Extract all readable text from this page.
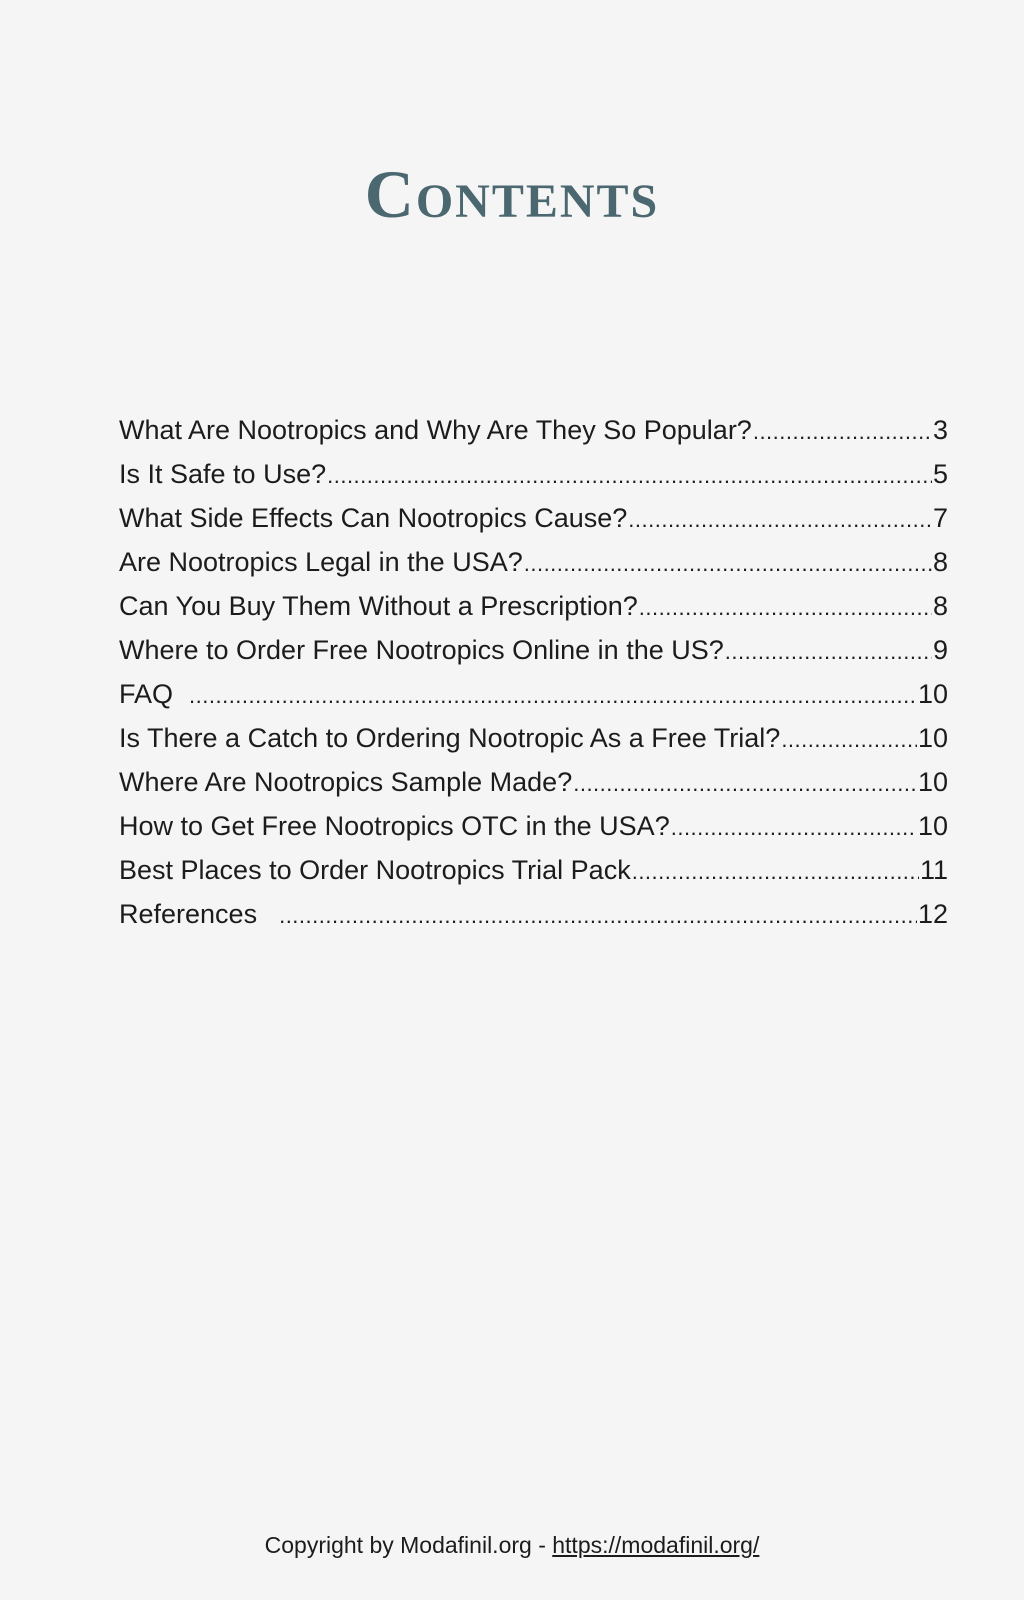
Contents
What Are Nootropics and Why Are They So Popular? .....	3
Is It Safe to Use? .....	5
What Side Effects Can Nootropics Cause? .....	7
Are Nootropics Legal in the USA? .....	8
Can You Buy Them Without a Prescription? .....	8
Where to Order Free Nootropics Online in the US? .....	9
FAQ .....	10
Is There a Catch to Ordering Nootropic As a Free Trial? .....	10
Where Are Nootropics Sample Made? .....	10
How to Get Free Nootropics OTC in the USA? .....	10
Best Places to Order Nootropics Trial Pack .....	11
References .....	12
Copyright by Modafinil.org - https://modafinil.org/
